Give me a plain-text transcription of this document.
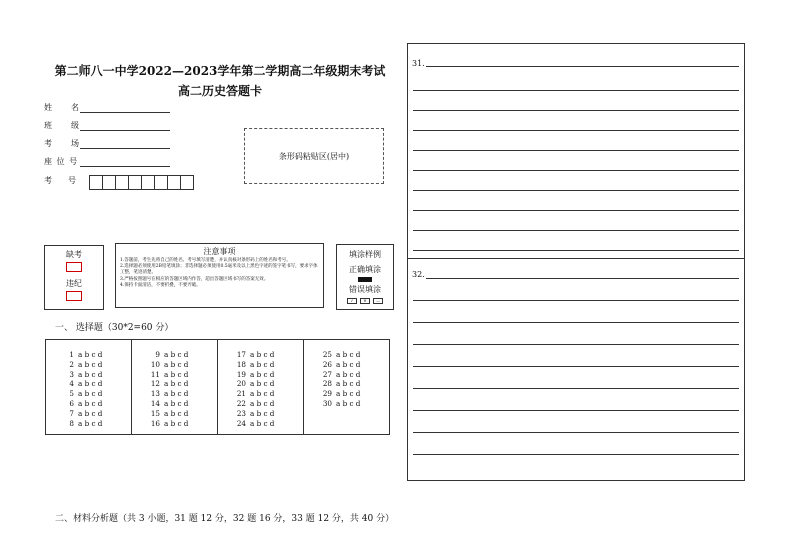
第二师八一中学2022—2023学年第二学期高二年级期末考试
高二历史答题卡
姓　　名
班　　级
考　　场
座 位 号
考　　号
条形码粘贴区(居中)
缺考
违纪
注意事项
1.答题前，考生先将自己的姓名、考号填写清楚，并认真核对条形码上的姓名和考号。
2.选择题必须使用2B铅笔填涂；非选择题必须使用0.5毫米及以上黑色字迹的签字笔书写，要求字体工整，笔迹清楚。
3.严格按照题号在相应的答题区域内作答，超出答题区域书写的答案无效。
4.保持卡面清洁，不要折叠，不要弄破。
填涂样例
正确填涂
错误填涂
✓	✕	—
一、 选择题（30*2=60 分）
1 a b c d
2 a b c d
3 a b c d
4 a b c d
5 a b c d
6 a b c d
7 a b c d
8 a b c d
9 a b c d
10 a b c d
11 a b c d
12 a b c d
13 a b c d
14 a b c d
15 a b c d
16 a b c d
17 a b c d
18 a b c d
19 a b c d
20 a b c d
21 a b c d
22 a b c d
23 a b c d
24 a b c d
25 a b c d
26 a b c d
27 a b c d
28 a b c d
29 a b c d
30 a b c d
二、材料分析题（共 3 小题，31 题 12 分，32 题 16 分，33 题 12 分，共 40 分）
31.
32.
